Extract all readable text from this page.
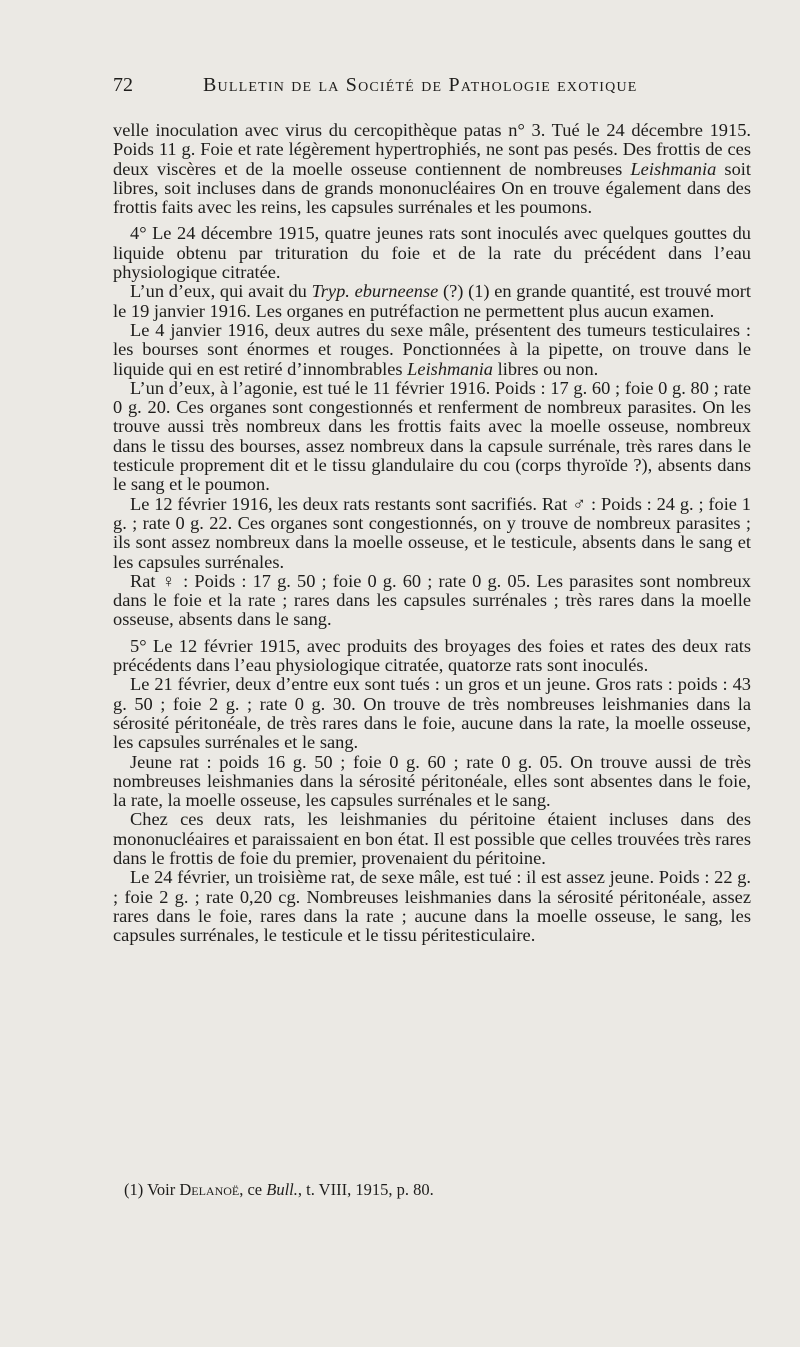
72	Bulletin de la Société de Pathologie exotique

velle inoculation avec virus du cercopithèque patas n° 3. Tué le 24 décembre 1915. Poids 11 g. Foie et rate légèrement hypertrophiés, ne sont pas pesés. Des frottis de ces deux viscères et de la moelle osseuse contiennent de nombreuses Leishmania soit libres, soit incluses dans de grands mononucléaires On en trouve également dans des frottis faits avec les reins, les capsules surrénales et les poumons.

4° Le 24 décembre 1915, quatre jeunes rats sont inoculés avec quelques gouttes du liquide obtenu par trituration du foie et de la rate du précédent dans l’eau physiologique citratée.

L’un d’eux, qui avait du Tryp. eburneense (?) (1) en grande quantité, est trouvé mort le 19 janvier 1916. Les organes en putréfaction ne permettent plus aucun examen.

Le 4 janvier 1916, deux autres du sexe mâle, présentent des tumeurs testiculaires : les bourses sont énormes et rouges. Ponctionnées à la pipette, on trouve dans le liquide qui en est retiré d’innombrables Leishmania libres ou non.

L’un d’eux, à l’agonie, est tué le 11 février 1916. Poids : 17 g. 60 ; foie 0 g. 80 ; rate 0 g. 20. Ces organes sont congestionnés et renferment de nombreux parasites. On les trouve aussi très nombreux dans les frottis faits avec la moelle osseuse, nombreux dans le tissu des bourses, assez nombreux dans la capsule surrénale, très rares dans le testicule proprement dit et le tissu glandulaire du cou (corps thyroïde ?), absents dans le sang et le poumon.

Le 12 février 1916, les deux rats restants sont sacrifiés. Rat ♂ : Poids : 24 g. ; foie 1 g. ; rate 0 g. 22. Ces organes sont congestionnés, on y trouve de nombreux parasites ; ils sont assez nombreux dans la moelle osseuse, et le testicule, absents dans le sang et les capsules surrénales.

Rat ♀ : Poids : 17 g. 50 ; foie 0 g. 60 ; rate 0 g. 05. Les parasites sont nombreux dans le foie et la rate ; rares dans les capsules surrénales ; très rares dans la moelle osseuse, absents dans le sang.

5° Le 12 février 1915, avec produits des broyages des foies et rates des deux rats précédents dans l’eau physiologique citratée, quatorze rats sont inoculés.

Le 21 février, deux d’entre eux sont tués : un gros et un jeune. Gros rats : poids : 43 g. 50 ; foie 2 g. ; rate 0 g. 30. On trouve de très nombreuses leishmanies dans la sérosité péritonéale, de très rares dans le foie, aucune dans la rate, la moelle osseuse, les capsules surrénales et le sang.

Jeune rat : poids 16 g. 50 ; foie 0 g. 60 ; rate 0 g. 05. On trouve aussi de très nombreuses leishmanies dans la sérosité péritonéale, elles sont absentes dans le foie, la rate, la moelle osseuse, les capsules surrénales et le sang.

Chez ces deux rats, les leishmanies du péritoine étaient incluses dans des mononucléaires et paraissaient en bon état. Il est possible que celles trouvées très rares dans le frottis de foie du premier, provenaient du péritoine.

Le 24 février, un troisième rat, de sexe mâle, est tué : il est assez jeune. Poids : 22 g. ; foie 2 g. ; rate 0,20 cg. Nombreuses leishmanies dans la sérosité péritonéale, assez rares dans le foie, rares dans la rate ; aucune dans la moelle osseuse, le sang, les capsules surrénales, le testicule et le tissu péritesticulaire.

(1) Voir Delanoë, ce Bull., t. VIII, 1915, p. 80.
